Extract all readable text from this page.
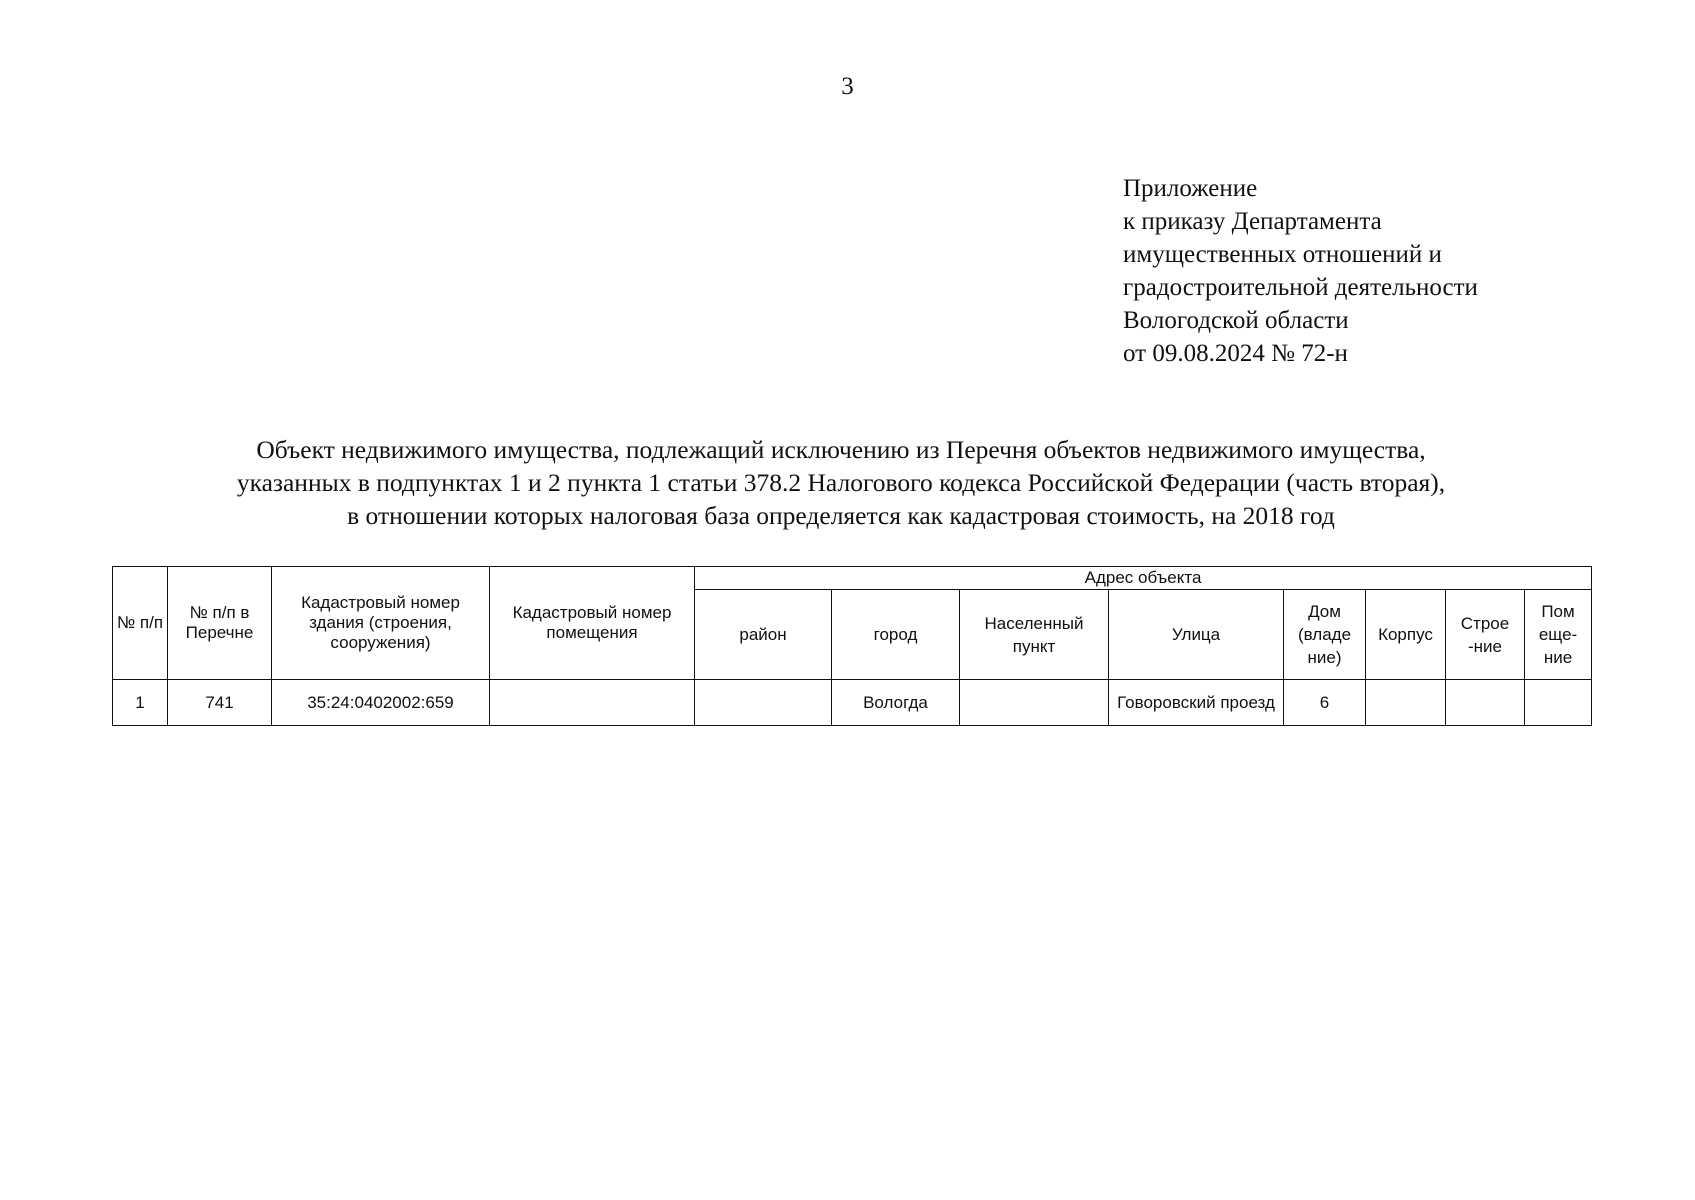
3
Приложение
к приказу Департамента
имущественных отношений и
градостроительной деятельности
Вологодской области
от 09.08.2024 № 72-н
Объект недвижимого имущества, подлежащий исключению из Перечня объектов недвижимого имущества,
указанных в подпунктах 1 и 2 пункта 1 статьи 378.2 Налогового кодекса Российской Федерации (часть вторая),
в отношении которых налоговая база определяется как кадастровая стоимость, на 2018 год
№ п/п	№ п/п в Перечне	Кадастровый номер здания (строения, сооружения)	Кадастровый номер помещения	Адрес объекта							
				район	город	Населенный пункт	Улица	Дом (владе ние)	Корпус	Строе -ние	Пом еще- ние
1	741	35:24:0402002:659			Вологда		Говоровский проезд	6			
